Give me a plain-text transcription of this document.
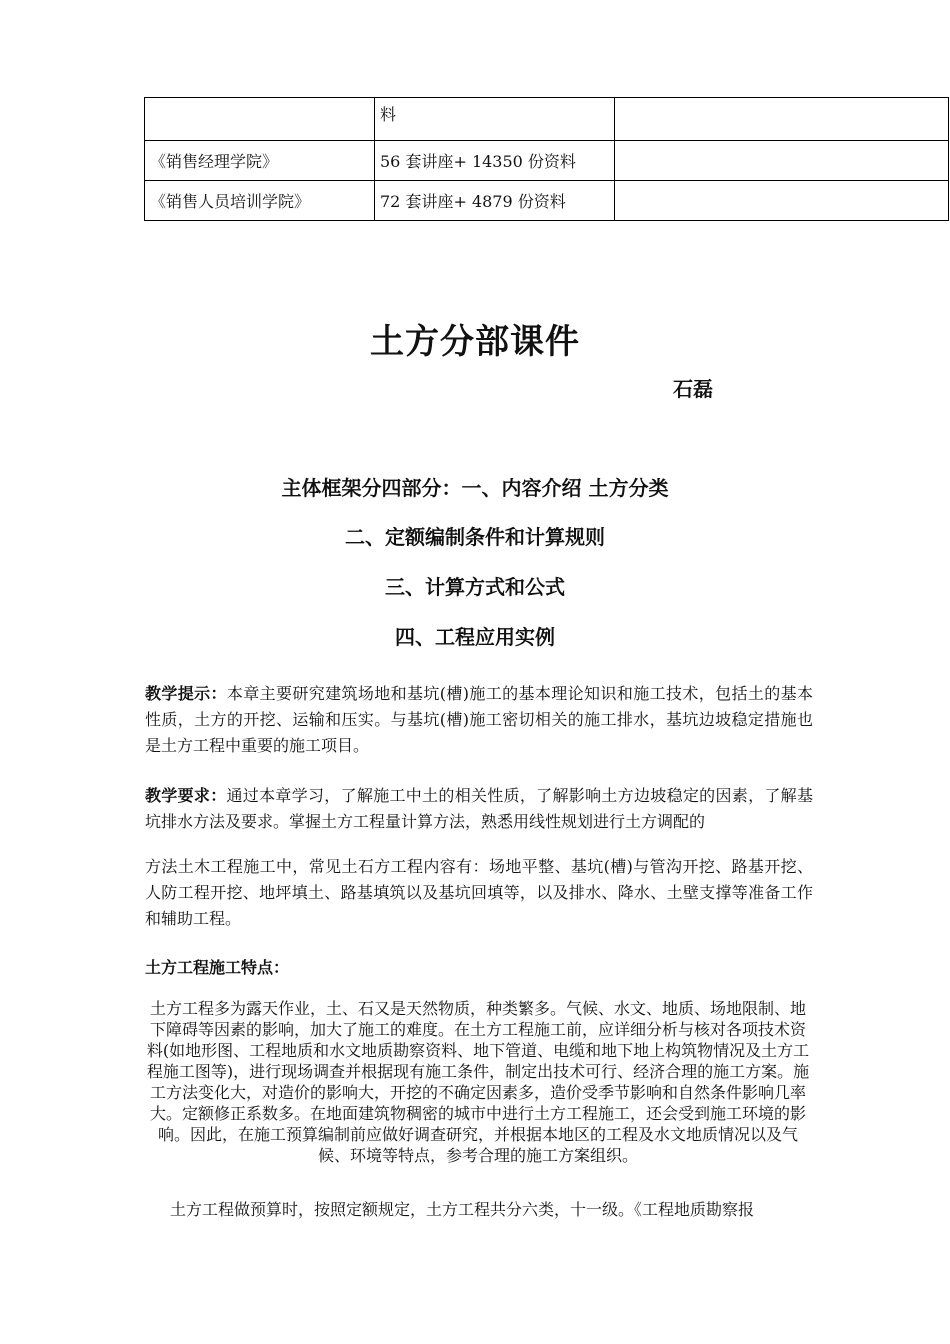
	料	
《销售经理学院》	56 套讲座+ 14350 份资料	
《销售人员培训学院》	72 套讲座+ 4879 份资料	
土方分部课件
石磊
主体框架分四部分：一、内容介绍 土方分类
二、定额编制条件和计算规则
三、计算方式和公式
四、工程应用实例
教学提示：本章主要研究建筑场地和基坑(槽)施工的基本理论知识和施工技术，包括土的基本性质，土方的开挖、运输和压实。与基坑(槽)施工密切相关的施工排水，基坑边坡稳定措施也是土方工程中重要的施工项目。
教学要求：通过本章学习，了解施工中土的相关性质，了解影响土方边坡稳定的因素，了解基坑排水方法及要求。掌握土方工程量计算方法，熟悉用线性规划进行土方调配的
方法土木工程施工中，常见土石方工程内容有：场地平整、基坑(槽)与管沟开挖、路基开挖、人防工程开挖、地坪填土、路基填筑以及基坑回填等，以及排水、降水、土壁支撑等准备工作和辅助工程。
土方工程施工特点：
土方工程多为露天作业，土、石又是天然物质，种类繁多。气候、水文、地质、场地限制、地下障碍等因素的影响，加大了施工的难度。在土方工程施工前，应详细分析与核对各项技术资料(如地形图、工程地质和水文地质勘察资料、地下管道、电缆和地下地上构筑物情况及土方工程施工图等)，进行现场调查并根据现有施工条件，制定出技术可行、经济合理的施工方案。施工方法变化大，对造价的影响大，开挖的不确定因素多，造价受季节影响和自然条件影响几率大。定额修正系数多。在地面建筑物稠密的城市中进行土方工程施工，还会受到施工环境的影响。因此，在施工预算编制前应做好调查研究，并根据本地区的工程及水文地质情况以及气候、环境等特点，参考合理的施工方案组织。
土方工程做预算时，按照定额规定，土方工程共分六类，十一级。《工程地质勘察报
